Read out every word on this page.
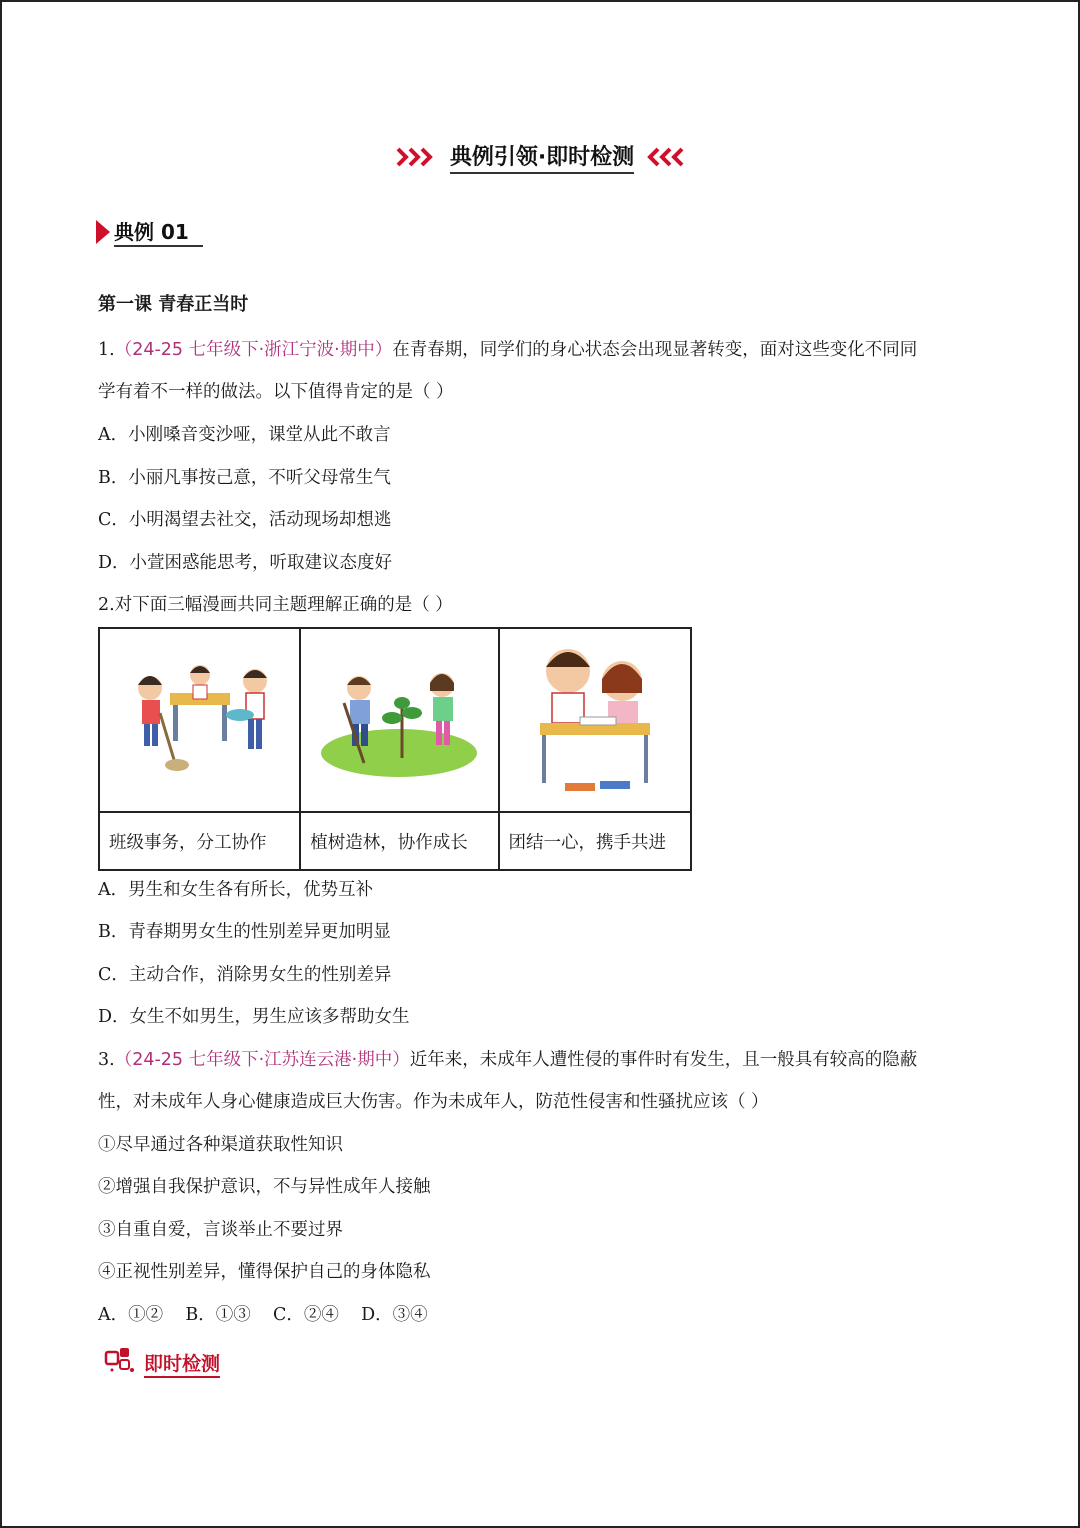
典例引领·即时检测
典例 01
第一课 青春正当时
1.（24-25 七年级下·浙江宁波·期中）在青春期，同学们的身心状态会出现显著转变，面对这些变化不同同
学有着不一样的做法。以下值得肯定的是（ ）
A．小刚嗓音变沙哑，课堂从此不敢言
B．小丽凡事按己意，不听父母常生气
C．小明渴望去社交，活动现场却想逃
D．小萱困惑能思考，听取建议态度好
2.对下面三幅漫画共同主题理解正确的是（ ）

班级事务，分工协作	植树造林，协作成长	团结一心，携手共进
A．男生和女生各有所长，优势互补
B．青春期男女生的性别差异更加明显
C．主动合作，消除男女生的性别差异
D．女生不如男生，男生应该多帮助女生
3.（24-25 七年级下·江苏连云港·期中）近年来，未成年人遭性侵的事件时有发生，且一般具有较高的隐蔽
性，对未成年人身心健康造成巨大伤害。作为未成年人，防范性侵害和性骚扰应该（ ）
①尽早通过各种渠道获取性知识
②增强自我保护意识，不与异性成年人接触
③自重自爱，言谈举止不要过界
④正视性别差异，懂得保护自己的身体隐私
A．①②    B．①③    C．②④    D．③④
即时检测
